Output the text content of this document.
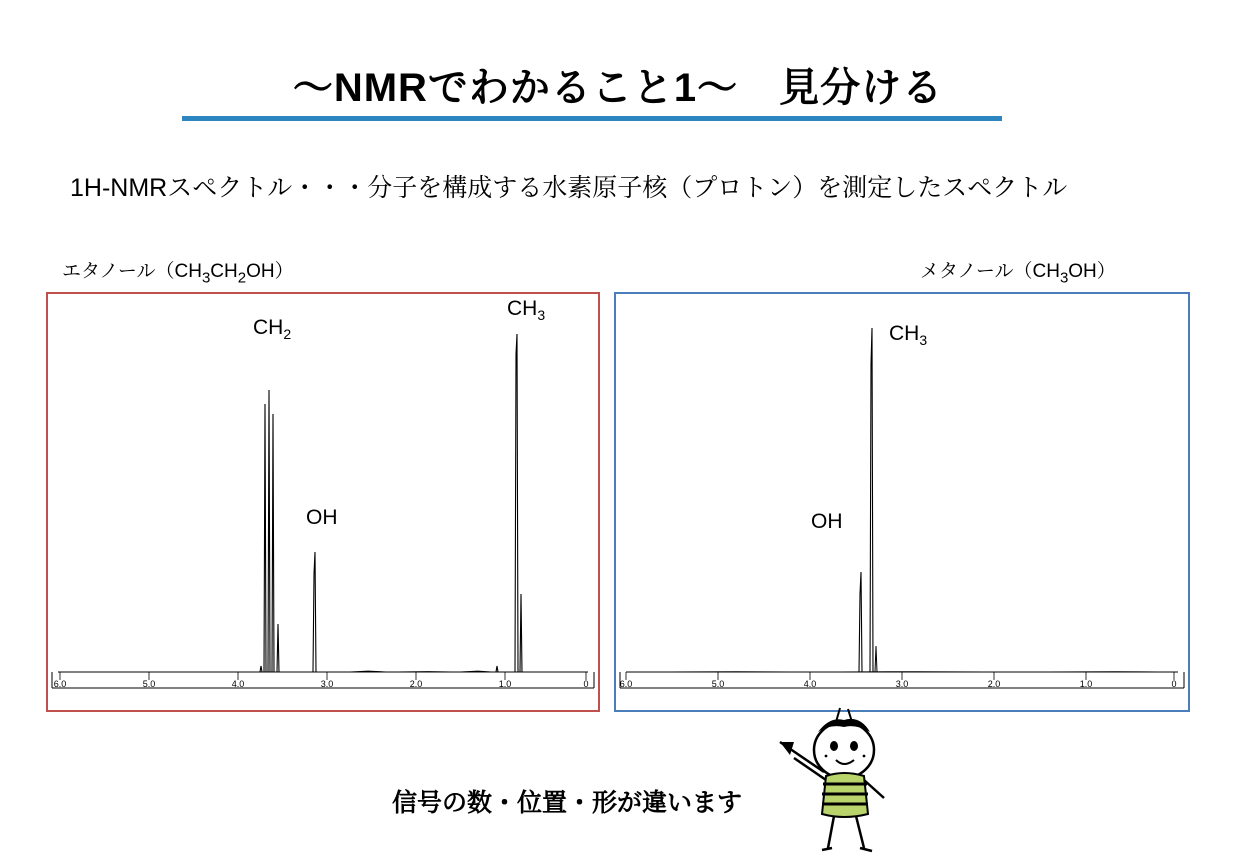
〜NMRでわかること1〜　見分ける
1H-NMRスペクトル・・・分子を構成する水素原子核（プロトン）を測定したスペクトル
エタノール$(CH_3CH_2OH)$	メタノール$(CH_3OH)$
6.0	5.0	4.0	3.0	2.0	1.0	0
$CH_2$
OH
$CH_3$
6.0	5.0	4.0	3.0	2.0	1.0	0
$CH_3$
OH
信号の数・位置・形が違います
